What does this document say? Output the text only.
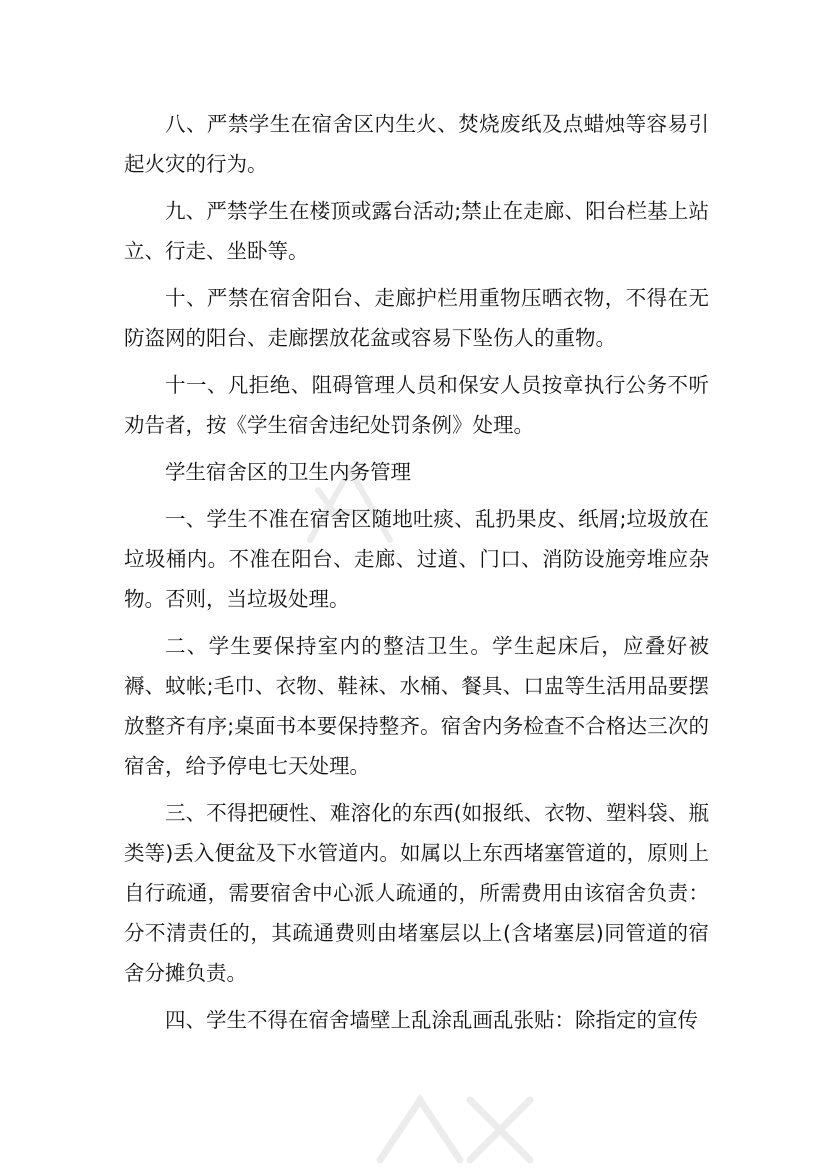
八、严禁学生在宿舍区内生火、焚烧废纸及点蜡烛等容易引起火灾的行为。

九、严禁学生在楼顶或露台活动;禁止在走廊、阳台栏基上站立、行走、坐卧等。

十、严禁在宿舍阳台、走廊护栏用重物压晒衣物，不得在无防盗网的阳台、走廊摆放花盆或容易下坠伤人的重物。

十一、凡拒绝、阻碍管理人员和保安人员按章执行公务不听劝告者，按《学生宿舍违纪处罚条例》处理。

学生宿舍区的卫生内务管理

一、学生不准在宿舍区随地吐痰、乱扔果皮、纸屑;垃圾放在垃圾桶内。不准在阳台、走廊、过道、门口、消防设施旁堆应杂物。否则，当垃圾处理。

二、学生要保持室内的整洁卫生。学生起床后，应叠好被褥、蚊帐;毛巾、衣物、鞋袜、水桶、餐具、口盅等生活用品要摆放整齐有序;桌面书本要保持整齐。宿舍内务检查不合格达三次的宿舍，给予停电七天处理。

三、不得把硬性、难溶化的东西(如报纸、衣物、塑料袋、瓶类等)丢入便盆及下水管道内。如属以上东西堵塞管道的，原则上自行疏通，需要宿舍中心派人疏通的，所需费用由该宿舍负责：分不清责任的，其疏通费则由堵塞层以上(含堵塞层)同管道的宿舍分摊负责。

四、学生不得在宿舍墙壁上乱涂乱画乱张贴：除指定的宣传
